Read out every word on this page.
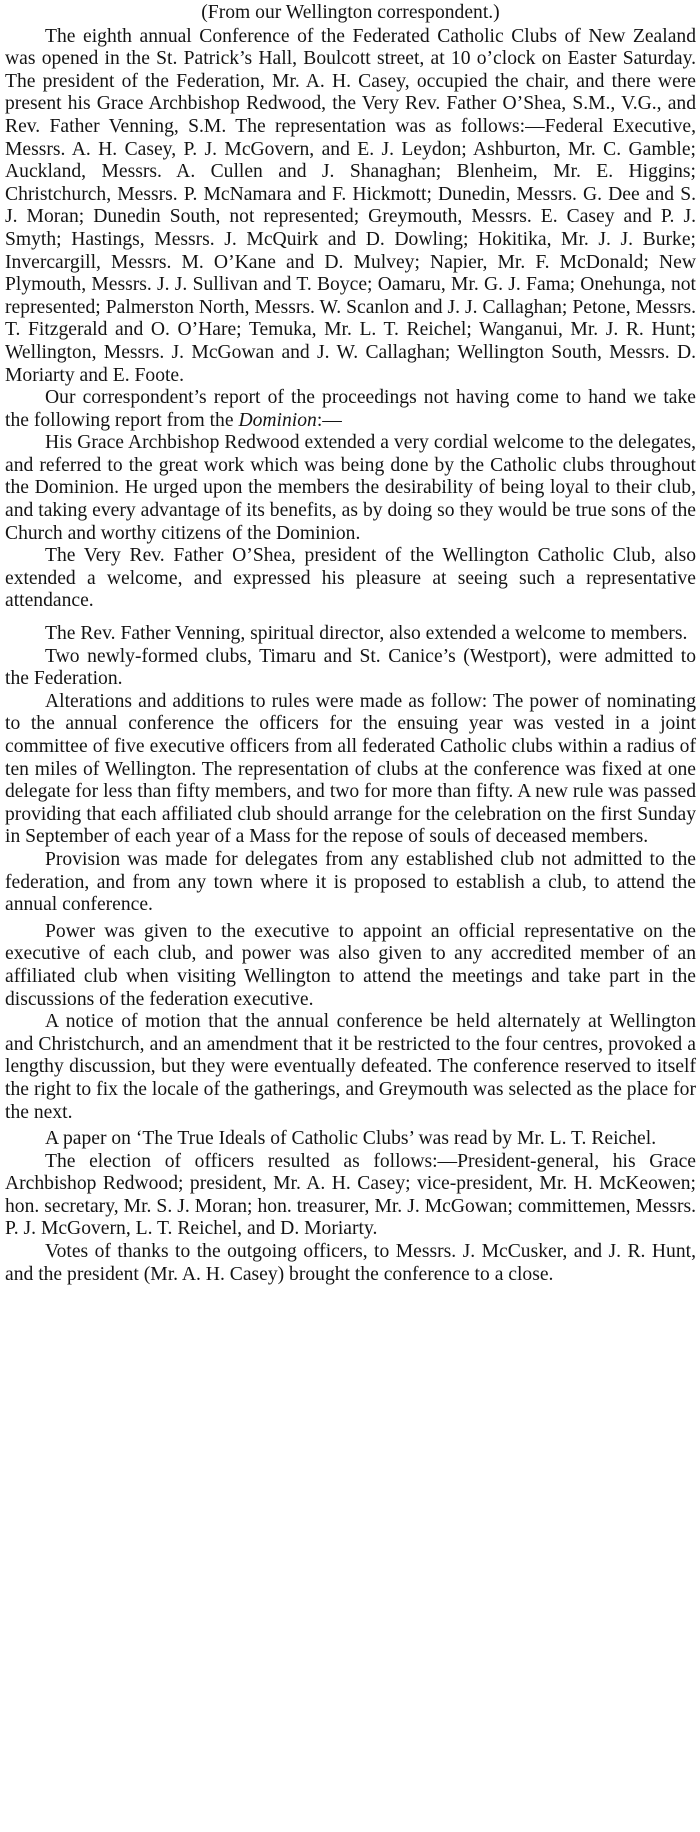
(From our Wellington correspondent.)

The eighth annual Conference of the Federated Catholic Clubs of New Zealand was opened in the St. Patrick’s Hall, Boulcott street, at 10 o’clock on Easter Saturday. The president of the Federation, Mr. A. H. Casey, occupied the chair, and there were present his Grace Archbishop Redwood, the Very Rev. Father O’Shea, S.M., V.G., and Rev. Father Venning, S.M. The representation was as follows:—Federal Executive, Messrs. A. H. Casey, P. J. McGovern, and E. J. Leydon; Ashburton, Mr. C. Gamble; Auckland, Messrs. A. Cullen and J. Shanaghan; Blenheim, Mr. E. Higgins; Christchurch, Messrs. P. McNamara and F. Hickmott; Dunedin, Messrs. G. Dee and S. J. Moran; Dunedin South, not represented; Greymouth, Messrs. E. Casey and P. J. Smyth; Hastings, Messrs. J. McQuirk and D. Dowling; Hokitika, Mr. J. J. Burke; Invercargill, Messrs. M. O’Kane and D. Mulvey; Napier, Mr. F. McDonald; New Plymouth, Messrs. J. J. Sullivan and T. Boyce; Oamaru, Mr. G. J. Fama; Onehunga, not represented; Palmerston North, Messrs. W. Scanlon and J. J. Callaghan; Petone, Messrs. T. Fitzgerald and O. O’Hare; Temuka, Mr. L. T. Reichel; Wanganui, Mr. J. R. Hunt; Wellington, Messrs. J. McGowan and J. W. Callaghan; Wellington South, Messrs. D. Moriarty and E. Foote.

Our correspondent’s report of the proceedings not having come to hand we take the following report from the Dominion:—

His Grace Archbishop Redwood extended a very cordial welcome to the delegates, and referred to the great work which was being done by the Catholic clubs throughout the Dominion. He urged upon the members the desirability of being loyal to their club, and taking every advantage of its benefits, as by doing so they would be true sons of the Church and worthy citizens of the Dominion.

The Very Rev. Father O’Shea, president of the Wellington Catholic Club, also extended a welcome, and expressed his pleasure at seeing such a representative attendance.

The Rev. Father Venning, spiritual director, also extended a welcome to members.

Two newly-formed clubs, Timaru and St. Canice’s (Westport), were admitted to the Federation.

Alterations and additions to rules were made as follow: The power of nominating to the annual conference the officers for the ensuing year was vested in a joint committee of five executive officers from all federated Catholic clubs within a radius of ten miles of Wellington. The representation of clubs at the conference was fixed at one delegate for less than fifty members, and two for more than fifty. A new rule was passed providing that each affiliated club should arrange for the celebration on the first Sunday in September of each year of a Mass for the repose of souls of deceased members.

Provision was made for delegates from any established club not admitted to the federation, and from any town where it is proposed to establish a club, to attend the annual conference.

Power was given to the executive to appoint an official representative on the executive of each club, and power was also given to any accredited member of an affiliated club when visiting Wellington to attend the meetings and take part in the discussions of the federation executive.

A notice of motion that the annual conference be held alternately at Wellington and Christchurch, and an amendment that it be restricted to the four centres, provoked a lengthy discussion, but they were eventually defeated. The conference reserved to itself the right to fix the locale of the gatherings, and Greymouth was selected as the place for the next.

A paper on ‘The True Ideals of Catholic Clubs’ was read by Mr. L. T. Reichel.

The election of officers resulted as follows:—President-general, his Grace Archbishop Redwood; president, Mr. A. H. Casey; vice-president, Mr. H. McKeowen; hon. secretary, Mr. S. J. Moran; hon. treasurer, Mr. J. McGowan; committemen, Messrs. P. J. McGovern, L. T. Reichel, and D. Moriarty.

Votes of thanks to the outgoing officers, to Messrs. J. McCusker, and J. R. Hunt, and the president (Mr. A. H. Casey) brought the conference to a close.
